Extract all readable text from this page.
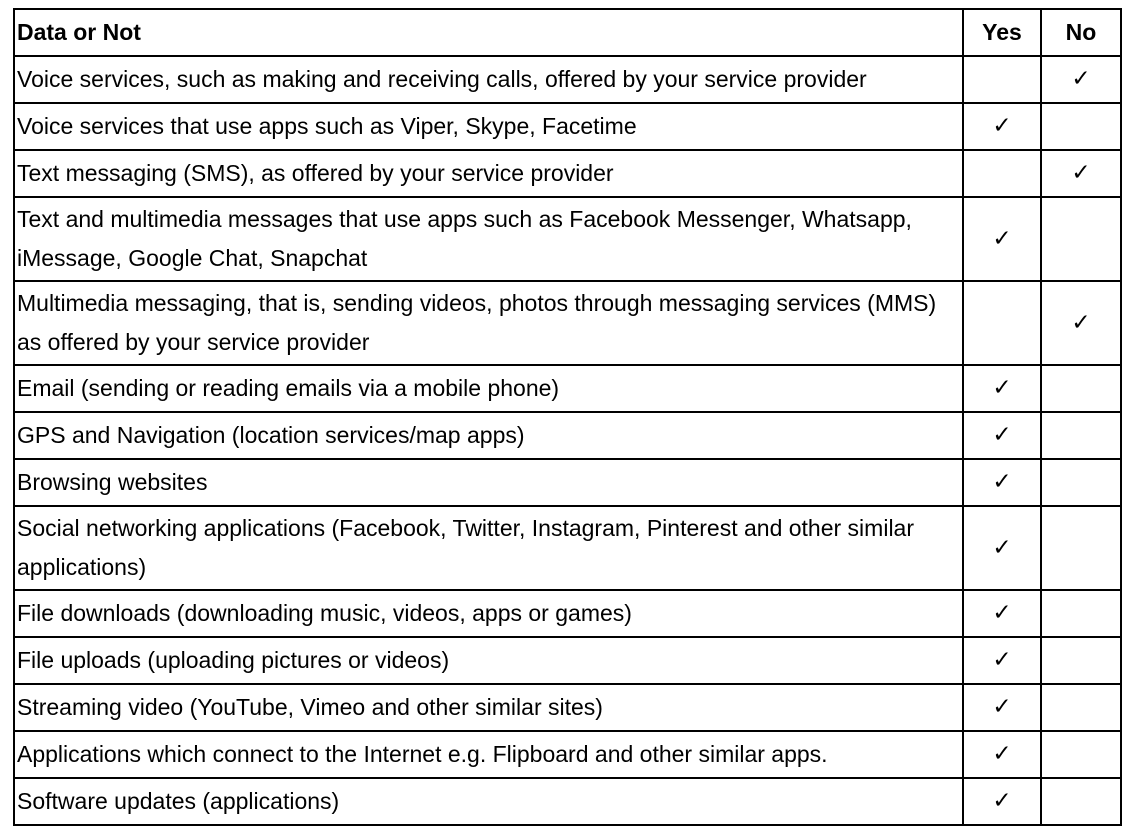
Data or Not	Yes	No
Voice services, such as making and receiving calls, offered by your service provider		✓
Voice services that use apps such as Viper, Skype, Facetime	✓	
Text messaging (SMS), as offered by your service provider		✓
Text and multimedia messages that use apps such as Facebook Messenger, Whatsapp, iMessage, Google Chat, Snapchat	✓	
Multimedia messaging, that is, sending videos, photos through messaging services (MMS) as offered by your service provider		✓
Email (sending or reading emails via a mobile phone)	✓	
GPS and Navigation (location services/map apps)	✓	
Browsing websites	✓	
Social networking applications (Facebook, Twitter, Instagram, Pinterest and other similar applications)	✓	
File downloads (downloading music, videos, apps or games)	✓	
File uploads (uploading pictures or videos)	✓	
Streaming video (YouTube, Vimeo and other similar sites)	✓	
Applications which connect to the Internet e.g. Flipboard and other similar apps.	✓	
Software updates (applications)	✓	
